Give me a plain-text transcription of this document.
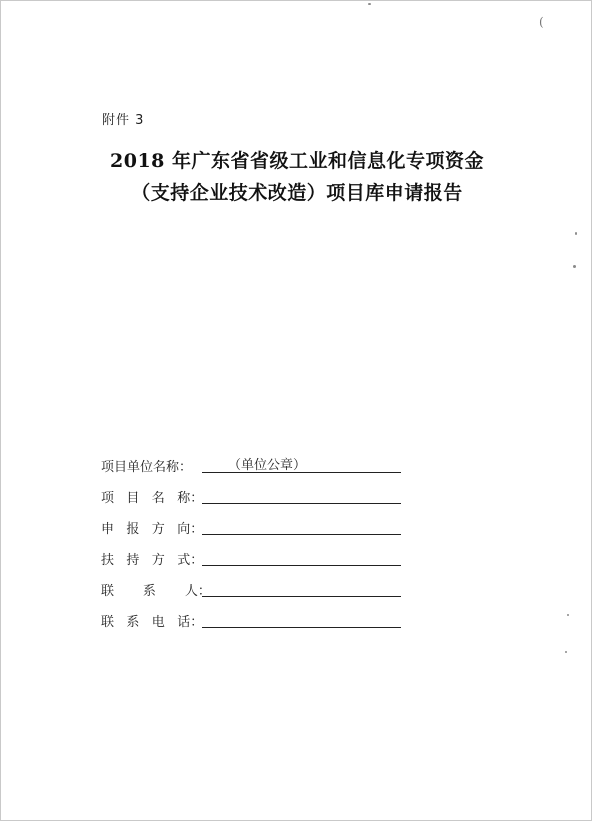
(
附件 3
2018 年广东省省级工业和信息化专项资金
（支持企业技术改造）项目库申请报告
项目单位名称：	（单位公章）
项   目   名   称：
申   报   方   向：
扶   持   方   式：
联       系       人：
联   系   电   话：
